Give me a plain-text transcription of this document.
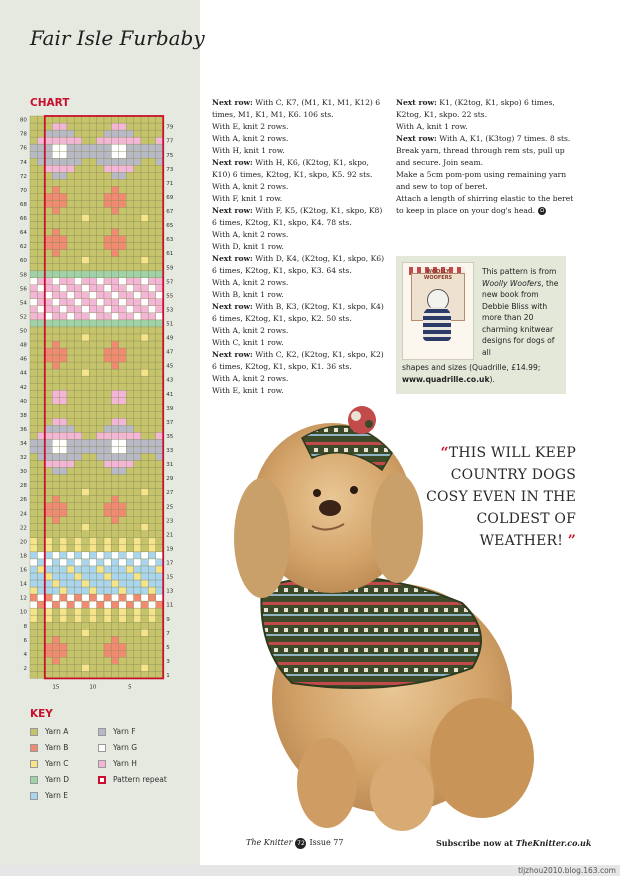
Fair Isle Furbaby
CHART
80
78
76
74
72
70
68
66
64
62
60
58
56
54
52
50
48
46
44
42
40
38
36
34
32
30
28
26
24
22
20
18
16
14
12
10
8
6
4
2
79
77
75
73
71
69
67
65
63
61
59
57
55
53
51
49
47
45
43
41
39
37
35
33
31
29
27
25
23
21
19
17
15
13
11
9
7
5
3
1
15	10	5
KEY
Yarn A
Yarn B
Yarn C
Yarn D
Yarn E
Yarn F
Yarn G
Yarn H
Pattern repeat

Next row: With C, K7, (M1, K1, M1, K12) 6 times, M1, K1, M1, K6. 106 sts.

With E, knit 2 rows.

With A, knit 2 rows.

With H, knit 1 row.

Next row: With H, K6, (K2tog, K1, skpo, K10) 6 times, K2tog, K1, skpo, K5. 92 sts.

With A, knit 2 rows.

With F, knit 1 row.

Next row: With F, K5, (K2tog, K1, skpo, K8) 6 times, K2tog, K1, skpo, K4. 78 sts.

With A, knit 2 rows.

With D, knit 1 row.

Next row: With D, K4, (K2tog, K1, skpo, K6) 6 times, K2tog, K1, skpo, K3. 64 sts.

With A, knit 2 rows.

With B, knit 1 row.

Next row: With B, K3, (K2tog, K1, skpo, K4) 6 times, K2tog, K1, skpo, K2. 50 sts.

With A, knit 2 rows.

With C, knit 1 row.

Next row: With C, K2, (K2tog, K1, skpo, K2) 6 times, K2tog, K1, skpo, K1. 36 sts.

With A, knit 2 rows.

With E, knit 1 row.

Next row: K1, (K2tog, K1, skpo) 6 times, K2tog, K1, skpo. 22 sts.

With A, knit 1 row.

Next row: With A, K1, (K3tog) 7 times. 8 sts.

Break yarn, thread through rem sts, pull up and secure. Join seam.

Make a 5cm pom-pom using remaining yarn and sew to top of beret.

Attach a length of shirring elastic to the beret to keep in place on your dog's head. Ω

WOOLLY WOOFERS
This pattern is from Woolly Woofers, the new book from Debbie Bliss with more than 20 charming knitwear designs for dogs of all
shapes and sizes (Quadrille, £14.99; www.quadrille.co.uk).
“THIS WILL KEEP COUNTRY DOGS COSY EVEN IN THE COLDEST OF WEATHER! ”
The Knitter 72 Issue 77	Subscribe now at TheKnitter.co.uk
tljzhou2010.blog.163.com
